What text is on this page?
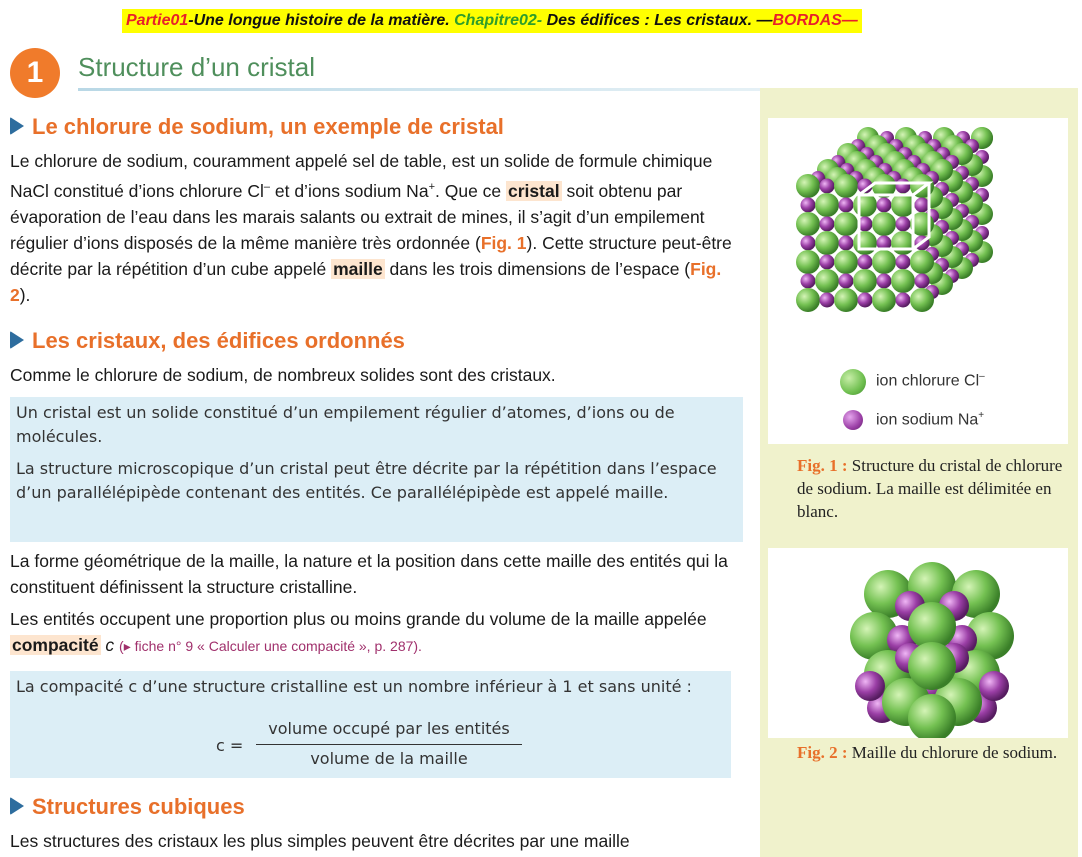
Partie01-Une longue histoire de la matière. Chapitre02- Des édifices : Les cristaux. —BORDAS—
1	Structure d’un cristal
ion chlorure Cl–
ion sodium Na+
Fig. 1 : Structure du cristal de chlorure de sodium. La maille est délimitée en blanc.
Fig. 2 : Maille du chlorure de sodium.
Le chlorure de sodium, un exemple de cristal
Le chlorure de sodium, couramment appelé sel de table, est un solide de formule chimique NaCl constitué d’ions chlorure Cl– et d’ions sodium Na+. Que ce cristal soit obtenu par évaporation de l’eau dans les marais salants ou extrait de mines, il s’agit d’un empilement régulier d’ions disposés de la même manière très ordonnée (Fig. 1). Cette structure peut-être décrite par la répétition d’un cube appelé maille dans les trois dimensions de l’espace (Fig. 2).
Les cristaux, des édifices ordonnés
Comme le chlorure de sodium, de nombreux solides sont des cristaux.

Un cristal est un solide constitué d’un empilement régulier d’atomes, d’ions ou de molécules.

La structure microscopique d’un cristal peut être décrite par la répétition dans l’espace d’un parallélépipède contenant des entités. Ce parallélépipède est appelé maille.

La forme géométrique de la maille, la nature et la position dans cette maille des entités qui la constituent définissent la structure cristalline.
Les entités occupent une proportion plus ou moins grande du volume de la maille appelée compacité c (▸ fiche n° 9 « Calculer une compacité », p. 287).

La compacité c d’une structure cristalline est un nombre inférieur à 1 et sans unité :

c =
volume occupé par les entités
volume de la maille
Structures cubiques
Les structures des cristaux les plus simples peuvent être décrites par une maille
